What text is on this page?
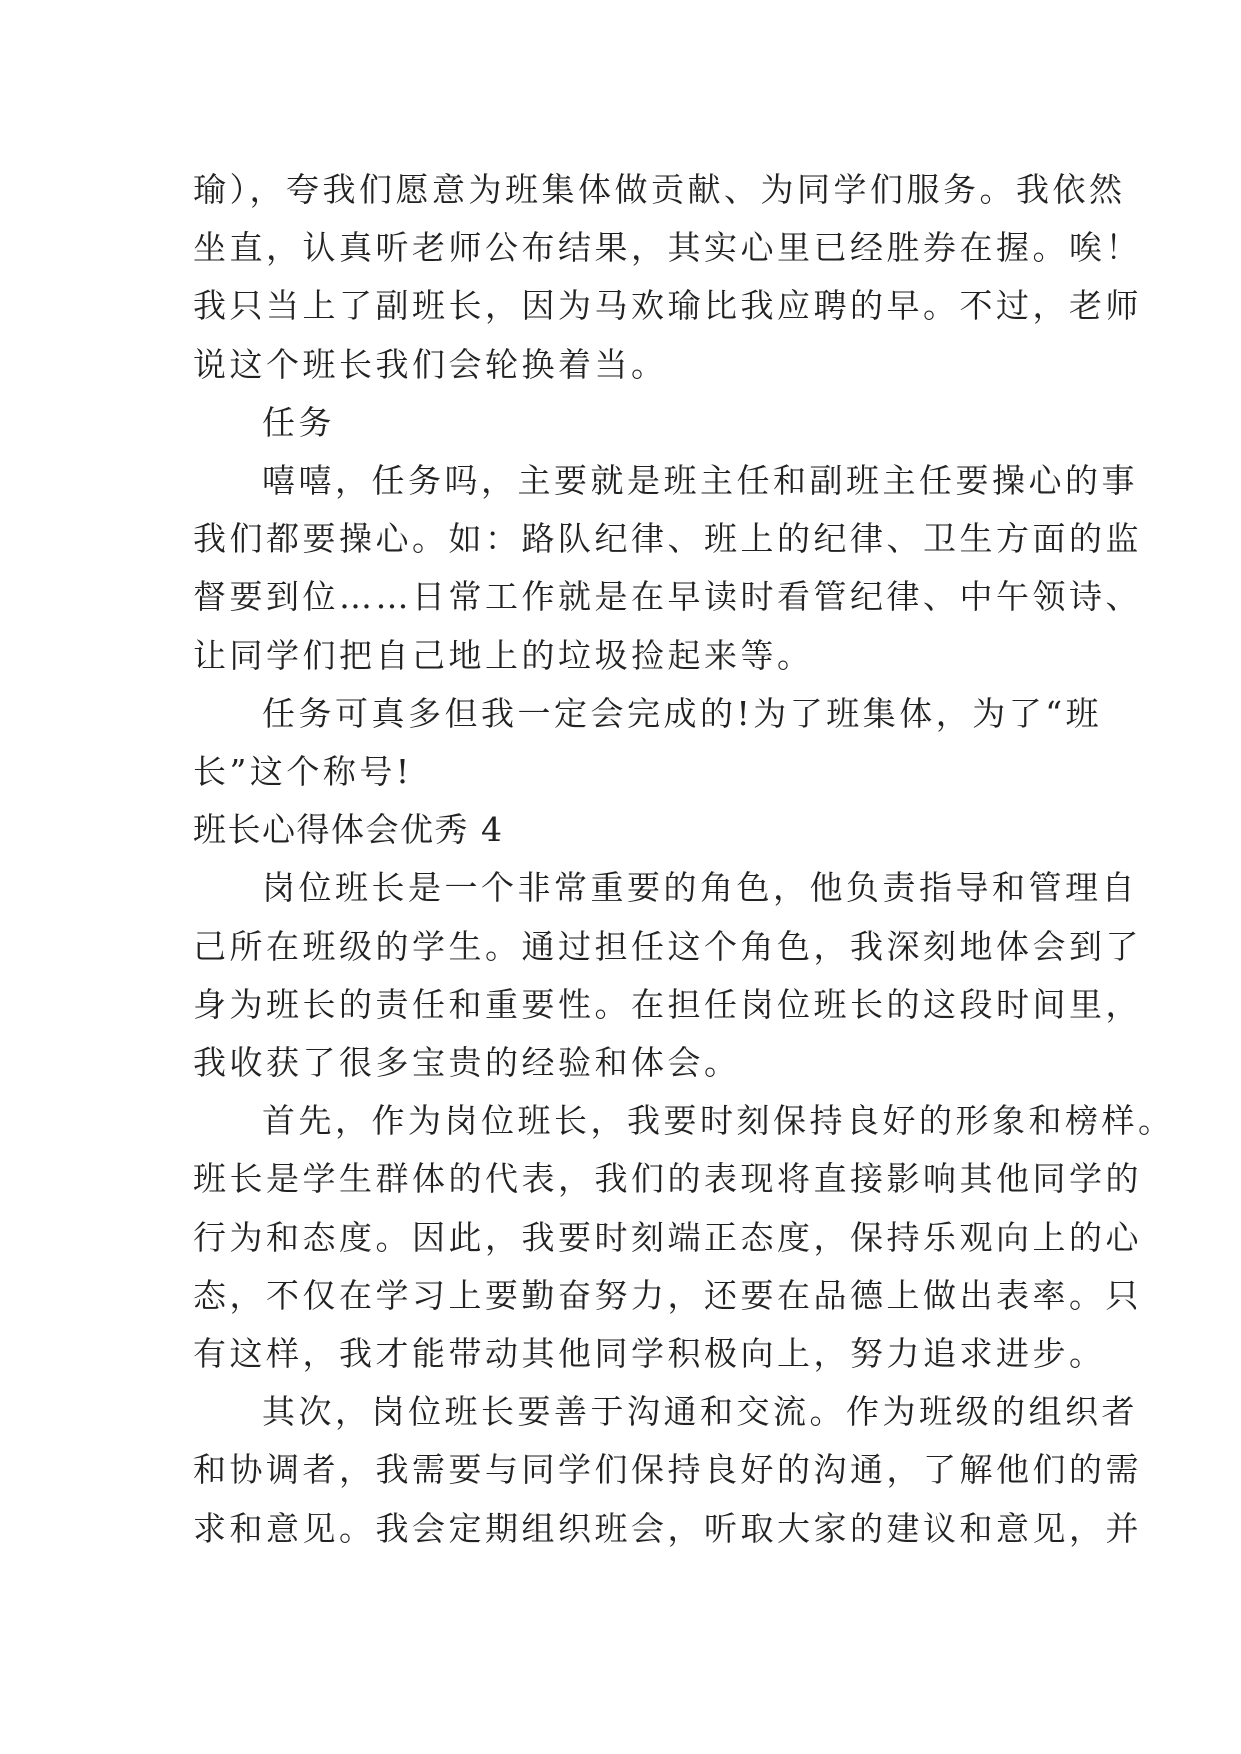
瑜），夸我们愿意为班集体做贡献、为同学们服务。我依然
坐直，认真听老师公布结果，其实心里已经胜券在握。唉！
我只当上了副班长，因为马欢瑜比我应聘的早。不过，老师
说这个班长我们会轮换着当。
任务
嘻嘻，任务吗，主要就是班主任和副班主任要操心的事
我们都要操心。如：路队纪律、班上的纪律、卫生方面的监
督要到位……日常工作就是在早读时看管纪律、中午领诗、
让同学们把自己地上的垃圾捡起来等。
任务可真多但我一定会完成的!为了班集体，为了“班
长”这个称号!
班长心得体会优秀 4
岗位班长是一个非常重要的角色，他负责指导和管理自
己所在班级的学生。通过担任这个角色，我深刻地体会到了
身为班长的责任和重要性。在担任岗位班长的这段时间里，
我收获了很多宝贵的经验和体会。
首先，作为岗位班长，我要时刻保持良好的形象和榜样。
班长是学生群体的代表，我们的表现将直接影响其他同学的
行为和态度。因此，我要时刻端正态度，保持乐观向上的心
态，不仅在学习上要勤奋努力，还要在品德上做出表率。只
有这样，我才能带动其他同学积极向上，努力追求进步。
其次，岗位班长要善于沟通和交流。作为班级的组织者
和协调者，我需要与同学们保持良好的沟通，了解他们的需
求和意见。我会定期组织班会，听取大家的建议和意见，并
